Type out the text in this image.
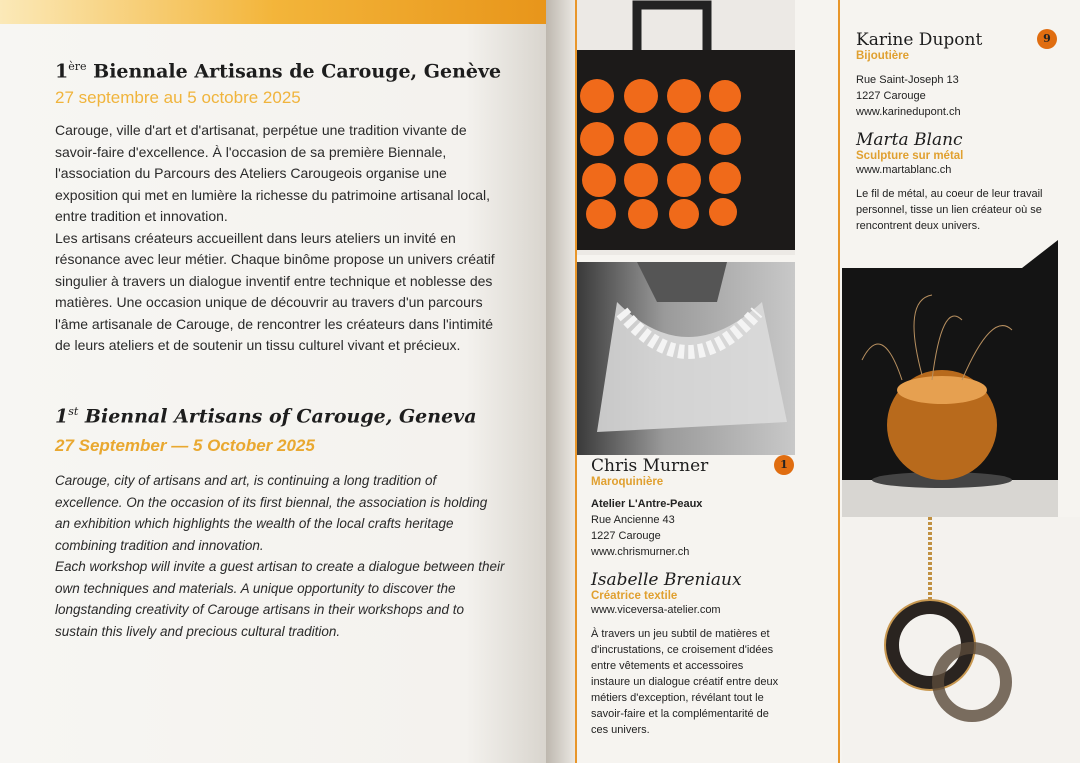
1ère Biennale Artisans de Carouge, Genève
27 septembre au 5 octobre 2025
Carouge, ville d'art et d'artisanat, perpétue une tradition vivante de savoir-faire d'excellence. À l'occasion de sa première Biennale, l'association du Parcours des Ateliers Carougeois organise une exposition qui met en lumière la richesse du patrimoine artisanal local, entre tradition et innovation.
Les artisans créateurs accueillent dans leurs ateliers un invité en résonance avec leur métier. Chaque binôme propose un univers créatif singulier à travers un dialogue inventif entre technique et noblesse des matières. Une occasion unique de découvrir au travers d'un parcours l'âme artisanale de Carouge, de rencontrer les créateurs dans l'intimité de leurs ateliers et de soutenir un tissu culturel vivant et précieux.
1st Biennal Artisans of Carouge, Geneva
27 September — 5 October 2025
Carouge, city of artisans and art, is continuing a long tradition of excellence. On the occasion of its first biennal, the association is holding an exhibition which highlights the wealth of the local crafts heritage combining tradition and innovation.
Each workshop will invite a guest artisan to create a dialogue between their own techniques and materials. A unique opportunity to discover the longstanding creativity of Carouge artisans in their workshops and to sustain this lively and precious cultural tradition.
Chris Murner
Maroquinière
Atelier L'Antre-Peaux
Rue Ancienne 43
1227 Carouge
www.chrismurner.ch
Isabelle Breniaux
Créatrice textile
www.viceversa-atelier.com
À travers un jeu subtil de matières et d'incrustations, ce croisement d'idées entre vêtements et accessoires instaure un dialogue créatif entre deux métiers d'exception, révélant tout le savoir-faire et la complémentarité de ces univers.
1
Karine Dupont
Bijoutière
Rue Saint-Joseph 13
1227 Carouge
www.karinedupont.ch
Marta Blanc
Sculpture sur métal
www.martablanc.ch
Le fil de métal, au coeur de leur travail personnel, tisse un lien créateur où se rencontrent deux univers.
9
